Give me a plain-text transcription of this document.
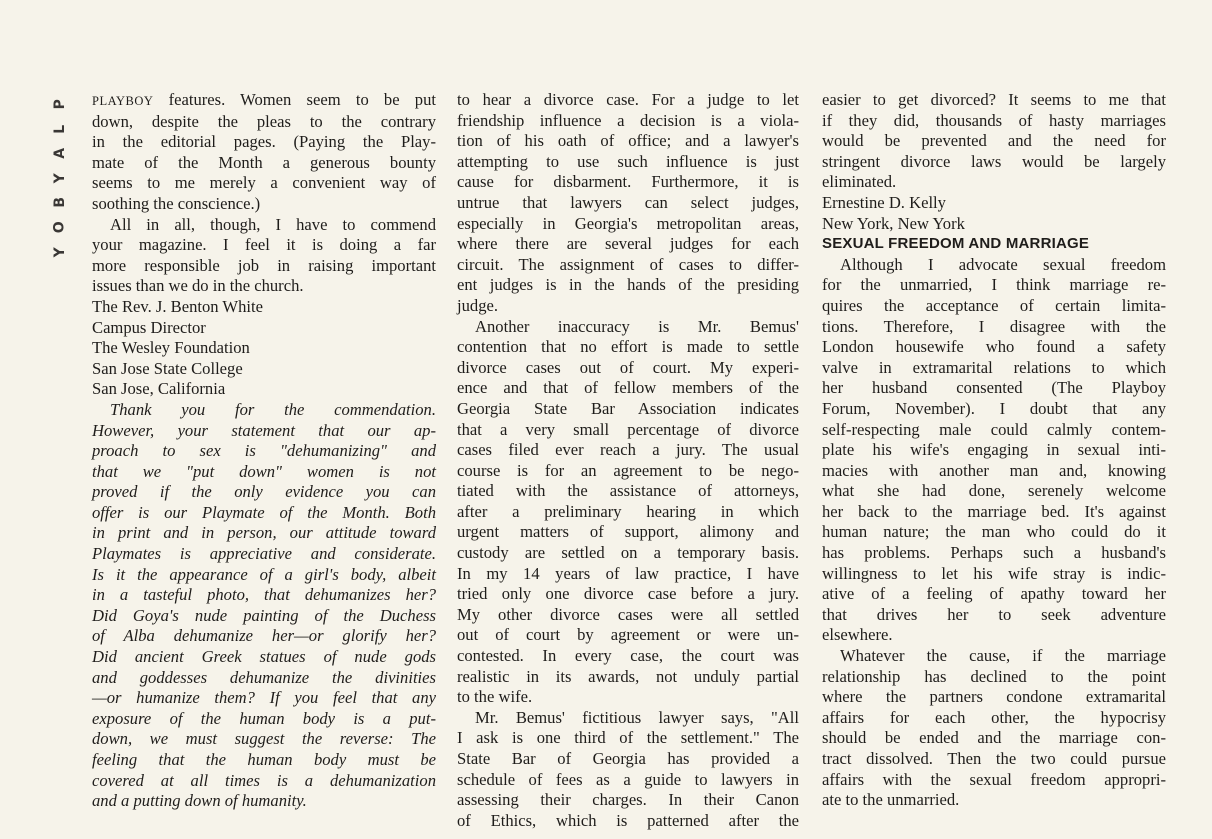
P
L
A
Y
B
O
Y

PLAYBOY features. Women seem to be put

down, despite the pleas to the contrary

in the editorial pages. (Paying the Play-

mate of the Month a generous bounty

seems to me merely a convenient way of

soothing the conscience.)

All in all, though, I have to commend

your magazine. I feel it is doing a far

more responsible job in raising important

issues than we do in the church.

The Rev. J. Benton White

Campus Director

The Wesley Foundation

San Jose State College

San Jose, California

Thank you for the commendation.

However, your statement that our ap-

proach to sex is "dehumanizing" and

that we "put down" women is not

proved if the only evidence you can

offer is our Playmate of the Month. Both

in print and in person, our attitude toward

Playmates is appreciative and considerate.

Is it the appearance of a girl's body, albeit

in a tasteful photo, that dehumanizes her?

Did Goya's nude painting of the Duchess

of Alba dehumanize her—or glorify her?

Did ancient Greek statues of nude gods

and goddesses dehumanize the divinities

—or humanize them? If you feel that any

exposure of the human body is a put-

down, we must suggest the reverse: The

feeling that the human body must be

covered at all times is a dehumanization

and a putting down of humanity.

to hear a divorce case. For a judge to let

friendship influence a decision is a viola-

tion of his oath of office; and a lawyer's

attempting to use such influence is just

cause for disbarment. Furthermore, it is

untrue that lawyers can select judges,

especially in Georgia's metropolitan areas,

where there are several judges for each

circuit. The assignment of cases to differ-

ent judges is in the hands of the presiding

judge.

Another inaccuracy is Mr. Bemus'

contention that no effort is made to settle

divorce cases out of court. My experi-

ence and that of fellow members of the

Georgia State Bar Association indicates

that a very small percentage of divorce

cases filed ever reach a jury. The usual

course is for an agreement to be nego-

tiated with the assistance of attorneys,

after a preliminary hearing in which

urgent matters of support, alimony and

custody are settled on a temporary basis.

In my 14 years of law practice, I have

tried only one divorce case before a jury.

My other divorce cases were all settled

out of court by agreement or were un-

contested. In every case, the court was

realistic in its awards, not unduly partial

to the wife.

Mr. Bemus' fictitious lawyer says, "All

I ask is one third of the settlement." The

State Bar of Georgia has provided a

schedule of fees as a guide to lawyers in

assessing their charges. In their Canon

of Ethics, which is patterned after the

easier to get divorced? It seems to me that

if they did, thousands of hasty marriages

would be prevented and the need for

stringent divorce laws would be largely

eliminated.

Ernestine D. Kelly

New York, New York

SEXUAL FREEDOM AND MARRIAGE

Although I advocate sexual freedom

for the unmarried, I think marriage re-

quires the acceptance of certain limita-

tions. Therefore, I disagree with the

London housewife who found a safety

valve in extramarital relations to which

her husband consented (The Playboy

Forum, November). I doubt that any

self-respecting male could calmly contem-

plate his wife's engaging in sexual inti-

macies with another man and, knowing

what she had done, serenely welcome

her back to the marriage bed. It's against

human nature; the man who could do it

has problems. Perhaps such a husband's

willingness to let his wife stray is indic-

ative of a feeling of apathy toward her

that drives her to seek adventure

elsewhere.

Whatever the cause, if the marriage

relationship has declined to the point

where the partners condone extramarital

affairs for each other, the hypocrisy

should be ended and the marriage con-

tract dissolved. Then the two could pursue

affairs with the sexual freedom appropri-

ate to the unmarried.
